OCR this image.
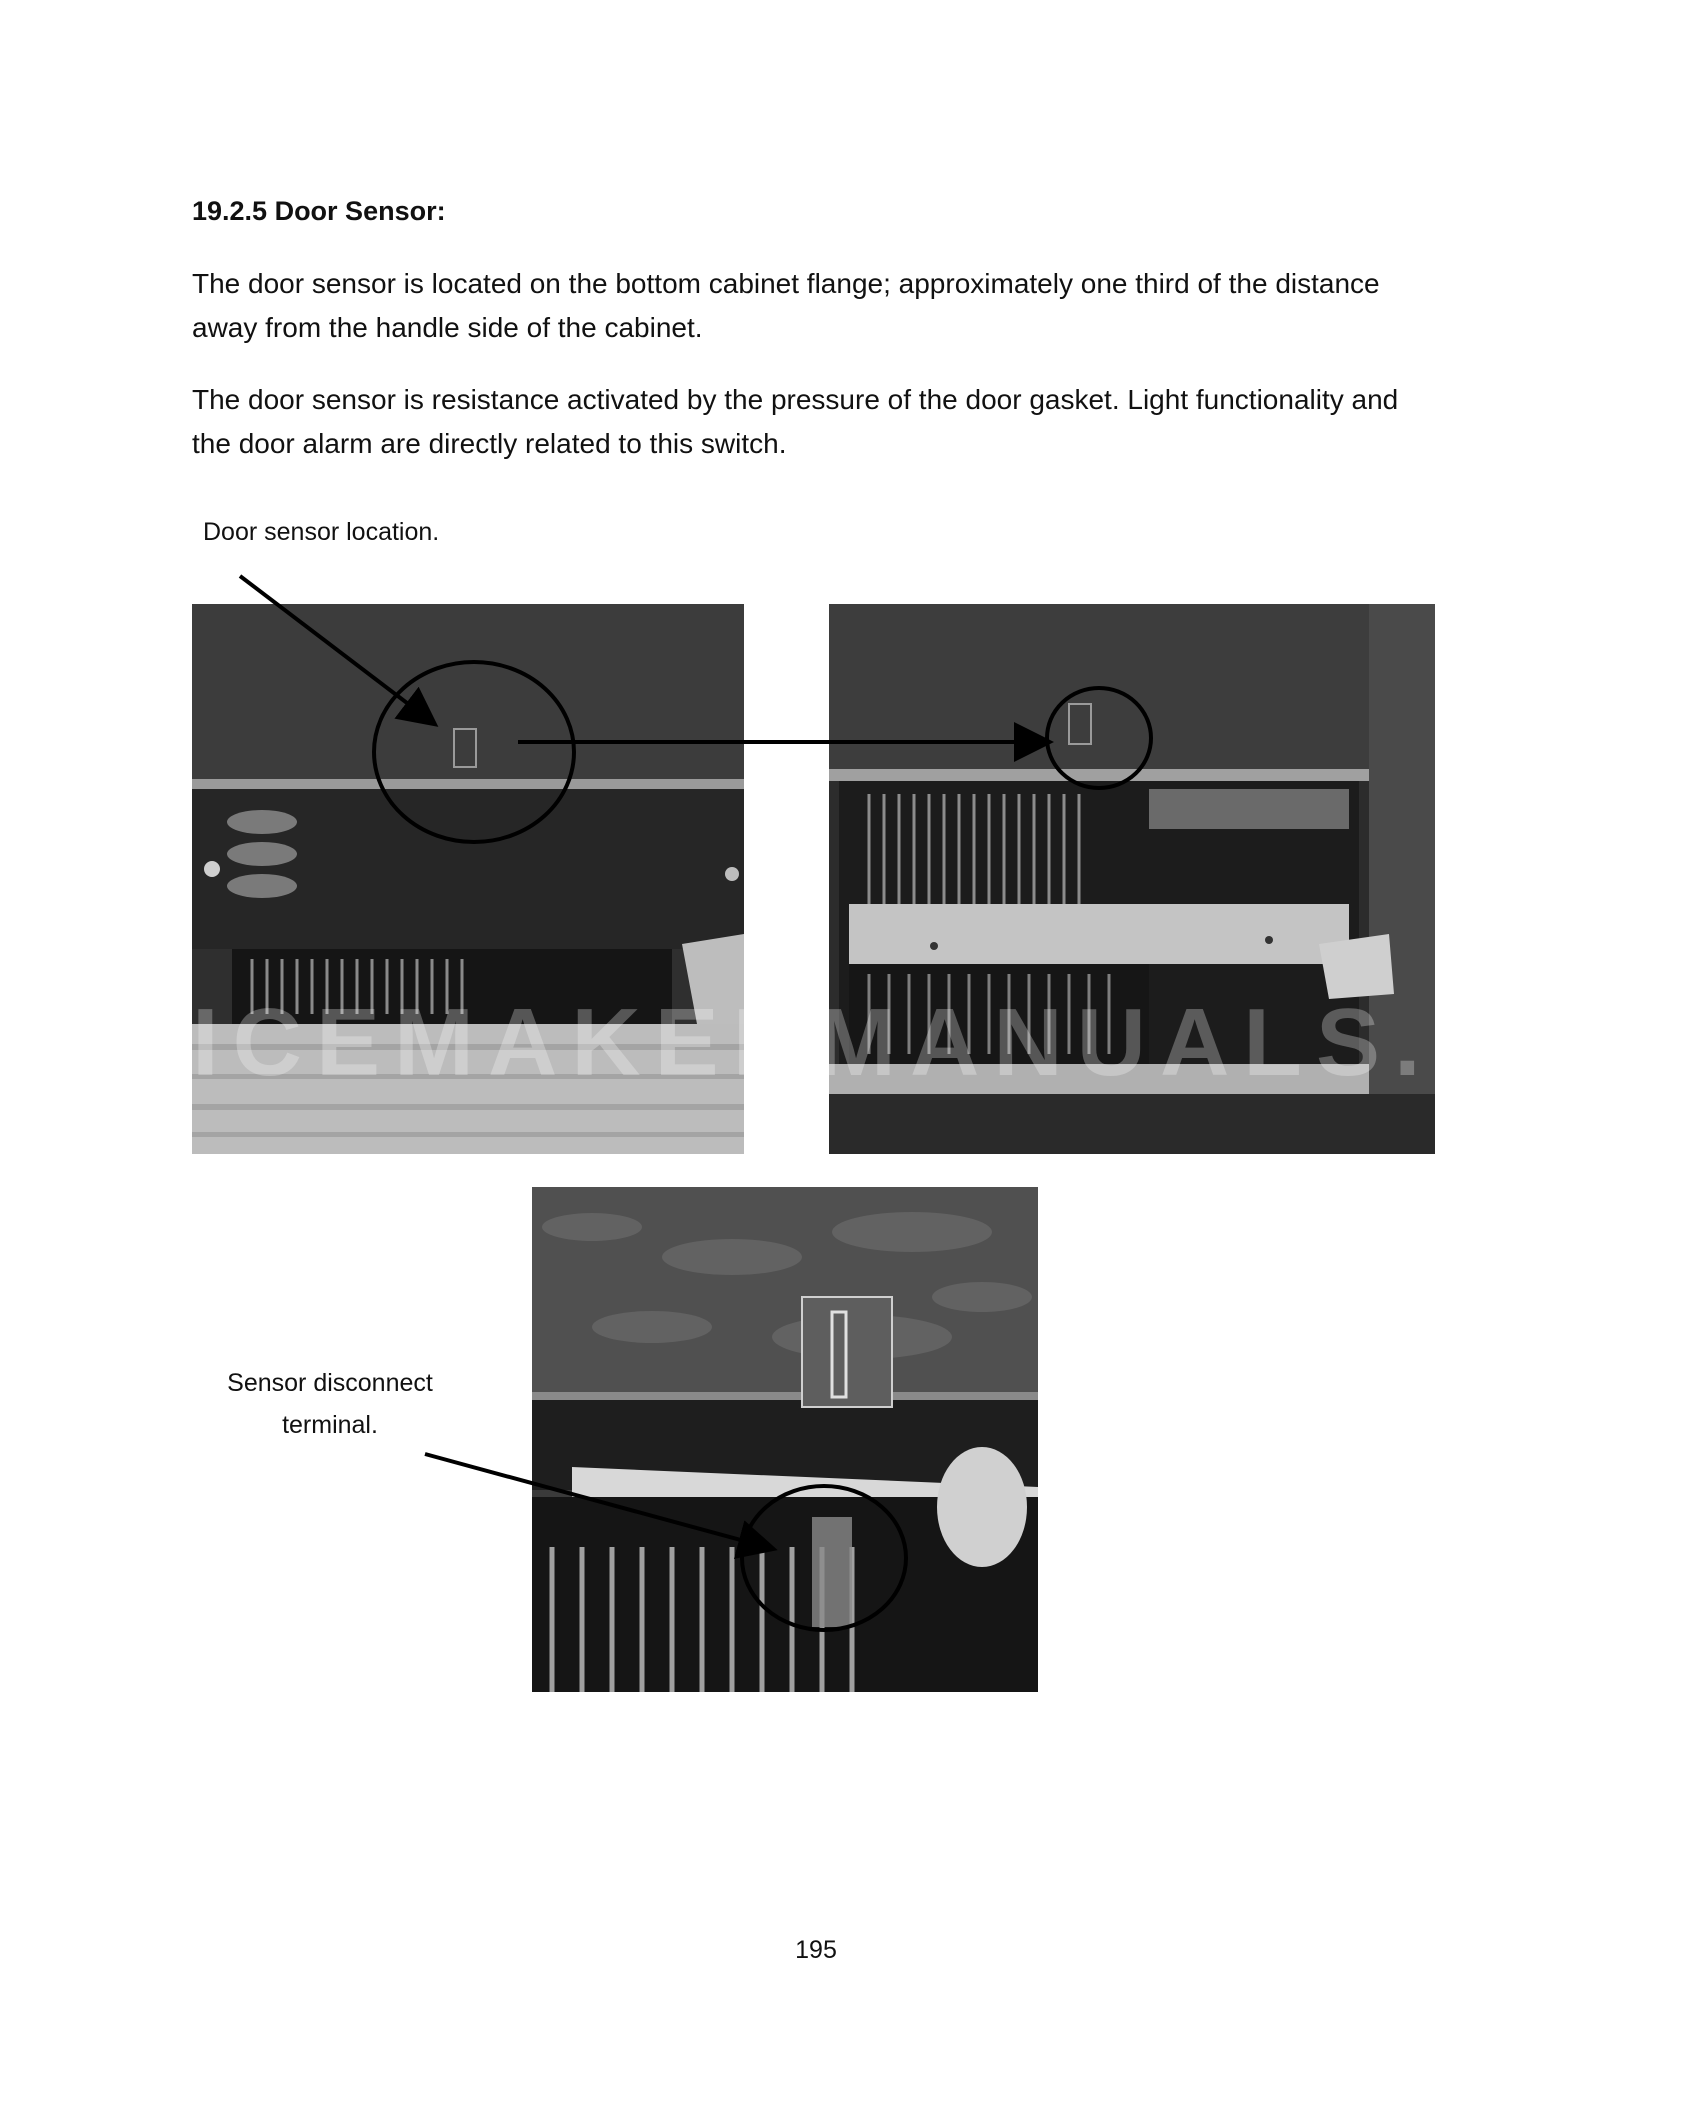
19.2.5 Door Sensor:
The door sensor is located on the bottom cabinet flange; approximately one third of the distance away from the handle side of the cabinet.
The door sensor is resistance activated by the pressure of the door gasket. Light functionality and the door alarm are directly related to this switch.
Door sensor location.
ICEMAKERMANUALS.COM
Sensor disconnect
terminal.
195
